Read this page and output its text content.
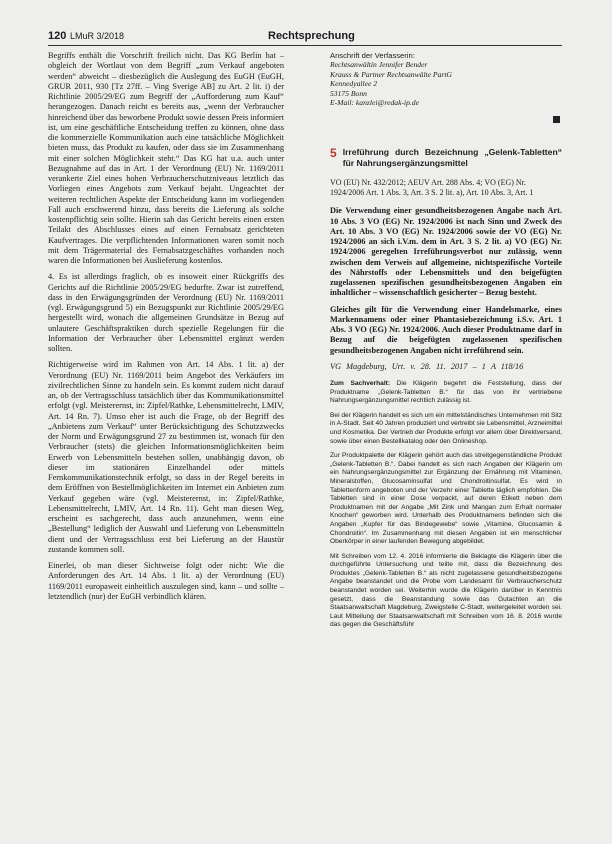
120 LMuR 3/2018	Rechtsprechung

Begriffs enthält die Vorschrift freilich nicht. Das KG Berlin hat – obgleich der Wortlaut von dem Begriff „zum Verkauf angeboten werden“ abweicht – diesbezüglich die Auslegung des EuGH (EuGH, GRUR 2011, 930 [Tz 27ff. – Ving Sverige AB] zu Art. 2 lit. i) der Richtlinie 2005/29/EG zum Begriff der „Aufforderung zum Kauf“ herangezogen. Danach reicht es bereits aus, „wenn der Verbraucher hinreichend über das beworbene Produkt sowie dessen Preis informiert ist, um eine geschäftliche Entscheidung treffen zu können, ohne dass die kommerzielle Kommunikation auch eine tatsächliche Möglichkeit bieten muss, das Produkt zu kaufen, oder dass sie im Zusammenhang mit einer solchen Möglichkeit steht.“ Das KG hat u.a. auch unter Bezugnahme auf das in Art. 1 der Verordnung (EU) Nr. 1169/2011 verankerte Ziel eines hohen Verbraucherschutzniveaus letztlich das Vorliegen eines Angebots zum Verkauf bejaht. Ungeachtet der weiteren rechtlichen Aspekte der Entscheidung kann im vorliegenden Fall auch erschwerend hinzu, dass bereits die Lieferung als solche kostenpflichtig sein sollte. Hierin sah das Gericht bereits einen ersten Teilakt des Abschlusses eines auf einen Fernabsatz gerichteten Kaufvertrages. Die verpflichtenden Informationen waren somit noch mit dem Trägermaterial des Fernabsatzgeschäftes vorhanden noch waren die Informationen bei Auslieferung kostenlos.

4. Es ist allerdings fraglich, ob es insoweit einer Rückgriffs des Gerichts auf die Richtlinie 2005/29/EG bedurfte. Zwar ist zutreffend, dass in den Erwägungsgründen der Verordnung (EU) Nr. 1169/2011 (vgl. Erwägungsgrund 5) ein Bezugspunkt zur Richtlinie 2005/29/EG hergestellt wird, wonach die allgemeinen Grundsätze in Bezug auf unlautere Geschäftspraktiken durch spezielle Regelungen für die Information der Verbraucher über Lebensmittel ergänzt werden sollten.

Richtigerweise wird im Rahmen von Art. 14 Abs. 1 lit. a) der Verordnung (EU) Nr. 1169/2011 beim Angebot des Verkäufers im zivilrechtlichen Sinne zu handeln sein. Es kommt zudem nicht darauf an, ob der Vertragsschluss tatsächlich über das Kommunikationsmittel erfolgt (vgl. Meisterernst, in: Zipfel/Rathke, Lebensmittelrecht, LMIV, Art. 14 Rn. 7). Umso eher ist auch die Frage, ob der Begriff des „Anbietens zum Verkauf“ unter Berücksichtigung des Schutzzwecks der Norm und Erwägungsgrund 27 zu bestimmen ist, wonach für den Verbraucher (stets) die gleichen Informationsmöglichkeiten beim Erwerb von Lebensmitteln bestehen sollen, unabhängig davon, ob dieser im stationären Einzelhandel oder mittels Fernkommunikationstechnik erfolgt, so dass in der Regel bereits in dem Eröffnen von Bestellmöglichkeiten im Internet ein Anbieten zum Verkauf gegeben wäre (vgl. Meisterernst, in: Zipfel/Rathke, Lebensmittelrecht, LMIV, Art. 14 Rn. 11). Geht man diesen Weg, erscheint es sachgerecht, dass auch anzunehmen, wenn eine „Bestellung“ lediglich der Auswahl und Lieferung von Lebensmitteln dient und der Vertragsschluss erst bei Lieferung an der Haustür zustande kommen soll.

Einerlei, ob man dieser Sichtweise folgt oder nicht: Wie die Anforderungen des Art. 14 Abs. 1 lit. a) der Verordnung (EU) 1169/2011 europaweit einheitlich auszulegen sind, kann – und sollte – letztendlich (nur) der EuGH verbindlich klären.

Anschrift der Verfasserin:
Rechtsanwältin Jennifer Bender
Krauss & Partner Rechtsanwälte PartG
Kennedyallee 2
53175 Bonn
E-Mail: kanzlei@redak-ip.de
5 Irreführung durch Bezeichnung „Gelenk-Tabletten“ für Nahrungsergänzungsmittel
VO (EU) Nr. 432/2012; AEUV Art. 288 Abs. 4; VO (EG) Nr. 1924/2006 Art. 1 Abs. 3, Art. 3 S. 2 lit. a), Art. 10 Abs. 3, Art. 1

Die Verwendung einer gesundheitsbezogenen Angabe nach Art. 10 Abs. 3 VO (EG) Nr. 1924/2006 ist nach Sinn und Zweck des Art. 10 Abs. 3 VO (EG) Nr. 1924/2006 sowie der VO (EG) Nr. 1924/2006 an sich i.V.m. dem in Art. 3 S. 2 lit. a) VO (EG) Nr. 1924/2006 geregelten Irreführungsverbot nur zulässig, wenn zwischen dem Verweis auf allgemeine, nichtspezifische Vorteile des Nährstoffs oder Lebensmittels und den beigefügten zugelassenen spezifischen gesundheitsbezogenen Angaben ein inhaltlicher – wissenschaftlich gesicherter – Bezug besteht.

Gleiches gilt für die Verwendung einer Handelsmarke, eines Markennamens oder einer Phantasiebezeichnung i.S.v. Art. 1 Abs. 3 VO (EG) Nr. 1924/2006. Auch dieser Produktname darf in Bezug auf die beigefügten zugelassenen spezifischen gesundheitsbezogenen Angaben nicht irreführend sein.

VG Magdeburg, Urt. v. 28. 11. 2017 – 1 A 118/16

Zum Sachverhalt: Die Klägerin begehrt die Feststellung, dass der Produktname „Gelenk-Tabletten B.“ für das von ihr vertriebene Nahrungsergänzungsmittel rechtlich zulässig ist.

Bei der Klägerin handelt es sich um ein mittelständisches Unternehmen mit Sitz in A-Stadt. Seit 40 Jahren produziert und vertreibt sie Lebensmittel, Arzneimittel und Kosmetika. Der Vertrieb der Produkte erfolgt vor allem über Direktversand, sowie über einen Bestellkatalog oder den Onlineshop.

Zur Produktpalette der Klägerin gehört auch das streitgegenständliche Produkt „Gelenk-Tabletten B.“. Dabei handelt es sich nach Angaben der Klägerin um ein Nahrungsergänzungsmittel zur Ergänzung der Ernährung mit Vitaminen, Mineralstoffen, Glucosaminsulfat und Chondroitinsulfat. Es wird in Tablettenform angeboten und der Verzehr einer Tablette täglich empfohlen. Die Tabletten sind in einer Dose verpackt, auf deren Etikett neben dem Produktnamen mit der Angabe „Mit Zink und Mangan zum Erhalt normaler Knochen“ geworben wird. Unterhalb des Produktnamens befinden sich die Angaben „Kupfer für das Bindegewebe“ sowie „Vitamine, Glucosamin & Chondroitin“. Im Zusammenhang mit diesen Angaben ist ein menschlicher Oberkörper in einer laufenden Bewegung abgebildet.

Mit Schreiben vom 12. 4. 2016 informierte die Beklagte die Klägerin über die durchgeführte Untersuchung und teilte mit, dass die Bezeichnung des Produktes „Gelenk-Tabletten B.“ als nicht zugelassene gesundheitsbezogene Angabe beanstandet und die Probe vom Landesamt für Verbraucherschutz beanstandet worden sei. Weiterhin wurde die Klägerin darüber in Kenntnis gesetzt, dass die Beanstandung sowie das Gutachten an die Staatsanwaltschaft Magdeburg, Zweigstelle C-Stadt, weitergeleitet worden sei. Laut Mitteilung der Staatsanwaltschaft mit Schreiben vom 16. 8. 2016 wurde das gegen die Geschäftsführ
